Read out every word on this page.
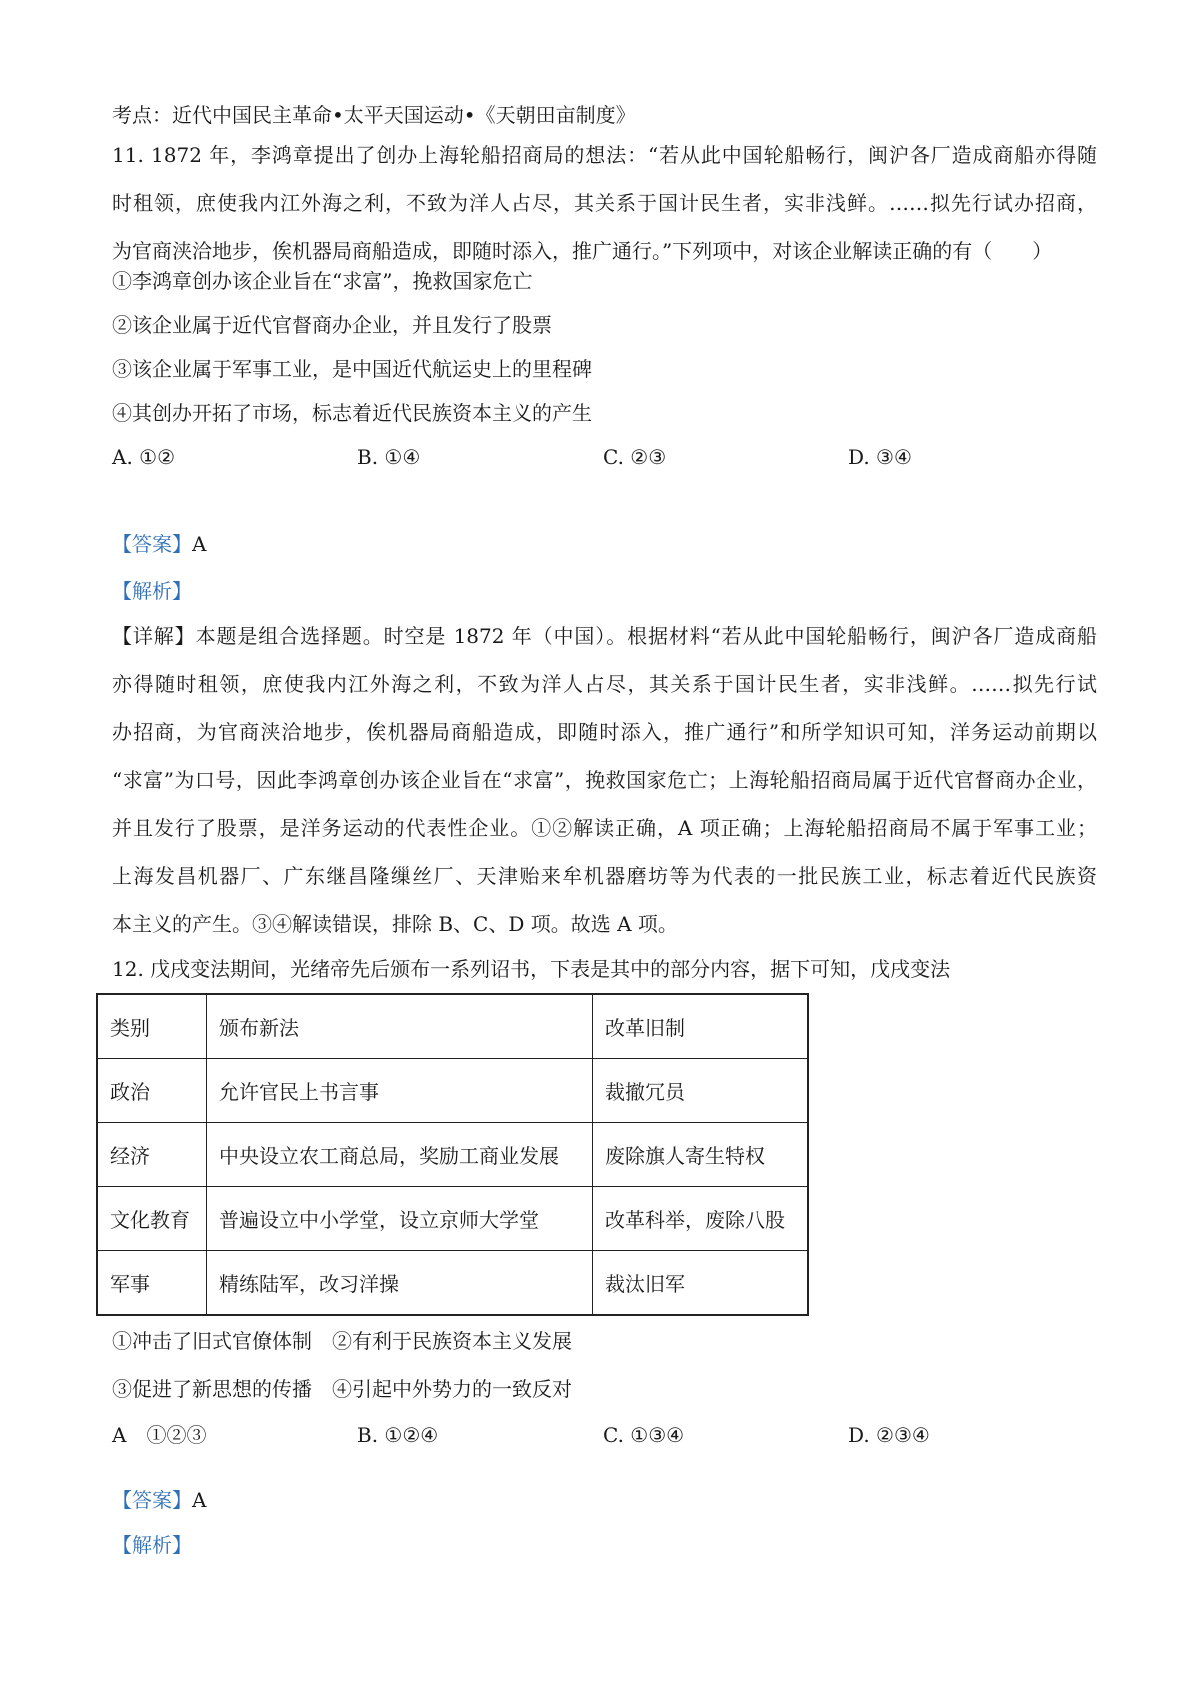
考点：近代中国民主革命•太平天国运动•《天朝田亩制度》
11. 1872 年，李鸿章提出了创办上海轮船招商局的想法：“若从此中国轮船畅行，闽沪各厂造成商船亦得随
时租领，庶使我内江外海之利，不致为洋人占尽，其关系于国计民生者，实非浅鲜。……拟先行试办招商，
为官商浃洽地步，俟机器局商船造成，即随时添入，推广通行。”下列项中，对该企业解读正确的有（　　）
①李鸿章创办该企业旨在“求富”，挽救国家危亡
②该企业属于近代官督商办企业，并且发行了股票
③该企业属于军事工业，是中国近代航运史上的里程碑
④其创办开拓了市场，标志着近代民族资本主义的产生
A. ①②	B. ①④	C. ②③	D. ③④
【答案】A
【解析】
【详解】本题是组合选择题。时空是 1872 年（中国）。根据材料“若从此中国轮船畅行，闽沪各厂造成商船
亦得随时租领，庶使我内江外海之利，不致为洋人占尽，其关系于国计民生者，实非浅鲜。……拟先行试
办招商，为官商浃洽地步，俟机器局商船造成，即随时添入，推广通行”和所学知识可知，洋务运动前期以
“求富”为口号，因此李鸿章创办该企业旨在“求富”，挽救国家危亡；上海轮船招商局属于近代官督商办企业，
并且发行了股票，是洋务运动的代表性企业。①②解读正确，A 项正确；上海轮船招商局不属于军事工业；
上海发昌机器厂、广东继昌隆缫丝厂、天津贻来牟机器磨坊等为代表的一批民族工业，标志着近代民族资
本主义的产生。③④解读错误，排除 B、C、D 项。故选 A 项。
12. 戊戌变法期间，光绪帝先后颁布一系列诏书，下表是其中的部分内容，据下可知，戊戌变法
类别	颁布新法	改革旧制
政治	允许官民上书言事	裁撤冗员
经济	中央设立农工商总局，奖励工商业发展	废除旗人寄生特权
文化教育	普遍设立中小学堂，设立京师大学堂	改革科举，废除八股
军事	精练陆军，改习洋操	裁汰旧军
①冲击了旧式官僚体制　②有利于民族资本主义发展
③促进了新思想的传播　④引起中外势力的一致反对
A　①②③	B. ①②④	C. ①③④	D. ②③④
【答案】A
【解析】
